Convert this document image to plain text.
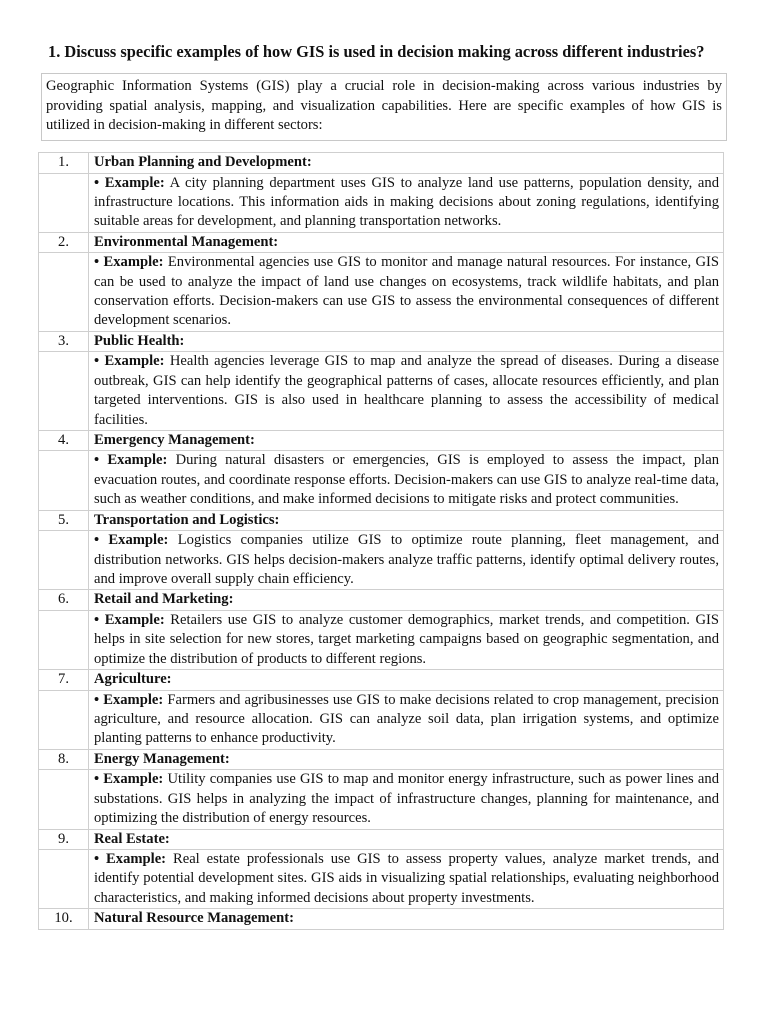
1. Discuss specific examples of how GIS is used in decision making across different industries?
Geographic Information Systems (GIS) play a crucial role in decision-making across various industries by providing spatial analysis, mapping, and visualization capabilities. Here are specific examples of how GIS is utilized in decision-making in different sectors:
1.	Urban Planning and Development:
	• Example: A city planning department uses GIS to analyze land use patterns, population density, and infrastructure locations. This information aids in making decisions about zoning regulations, identifying suitable areas for development, and planning transportation networks.
2.	Environmental Management:
	• Example: Environmental agencies use GIS to monitor and manage natural resources. For instance, GIS can be used to analyze the impact of land use changes on ecosystems, track wildlife habitats, and plan conservation efforts. Decision-makers can use GIS to assess the environmental consequences of different development scenarios.
3.	Public Health:
	• Example: Health agencies leverage GIS to map and analyze the spread of diseases. During a disease outbreak, GIS can help identify the geographical patterns of cases, allocate resources efficiently, and plan targeted interventions. GIS is also used in healthcare planning to assess the accessibility of medical facilities.
4.	Emergency Management:
	• Example: During natural disasters or emergencies, GIS is employed to assess the impact, plan evacuation routes, and coordinate response efforts. Decision-makers can use GIS to analyze real-time data, such as weather conditions, and make informed decisions to mitigate risks and protect communities.
5.	Transportation and Logistics:
	• Example: Logistics companies utilize GIS to optimize route planning, fleet management, and distribution networks. GIS helps decision-makers analyze traffic patterns, identify optimal delivery routes, and improve overall supply chain efficiency.
6.	Retail and Marketing:
	• Example: Retailers use GIS to analyze customer demographics, market trends, and competition. GIS helps in site selection for new stores, target marketing campaigns based on geographic segmentation, and optimize the distribution of products to different regions.
7.	Agriculture:
	• Example: Farmers and agribusinesses use GIS to make decisions related to crop management, precision agriculture, and resource allocation. GIS can analyze soil data, plan irrigation systems, and optimize planting patterns to enhance productivity.
8.	Energy Management:
	• Example: Utility companies use GIS to map and monitor energy infrastructure, such as power lines and substations. GIS helps in analyzing the impact of infrastructure changes, planning for maintenance, and optimizing the distribution of energy resources.
9.	Real Estate:
	• Example: Real estate professionals use GIS to assess property values, analyze market trends, and identify potential development sites. GIS aids in visualizing spatial relationships, evaluating neighborhood characteristics, and making informed decisions about property investments.
10.	Natural Resource Management:
